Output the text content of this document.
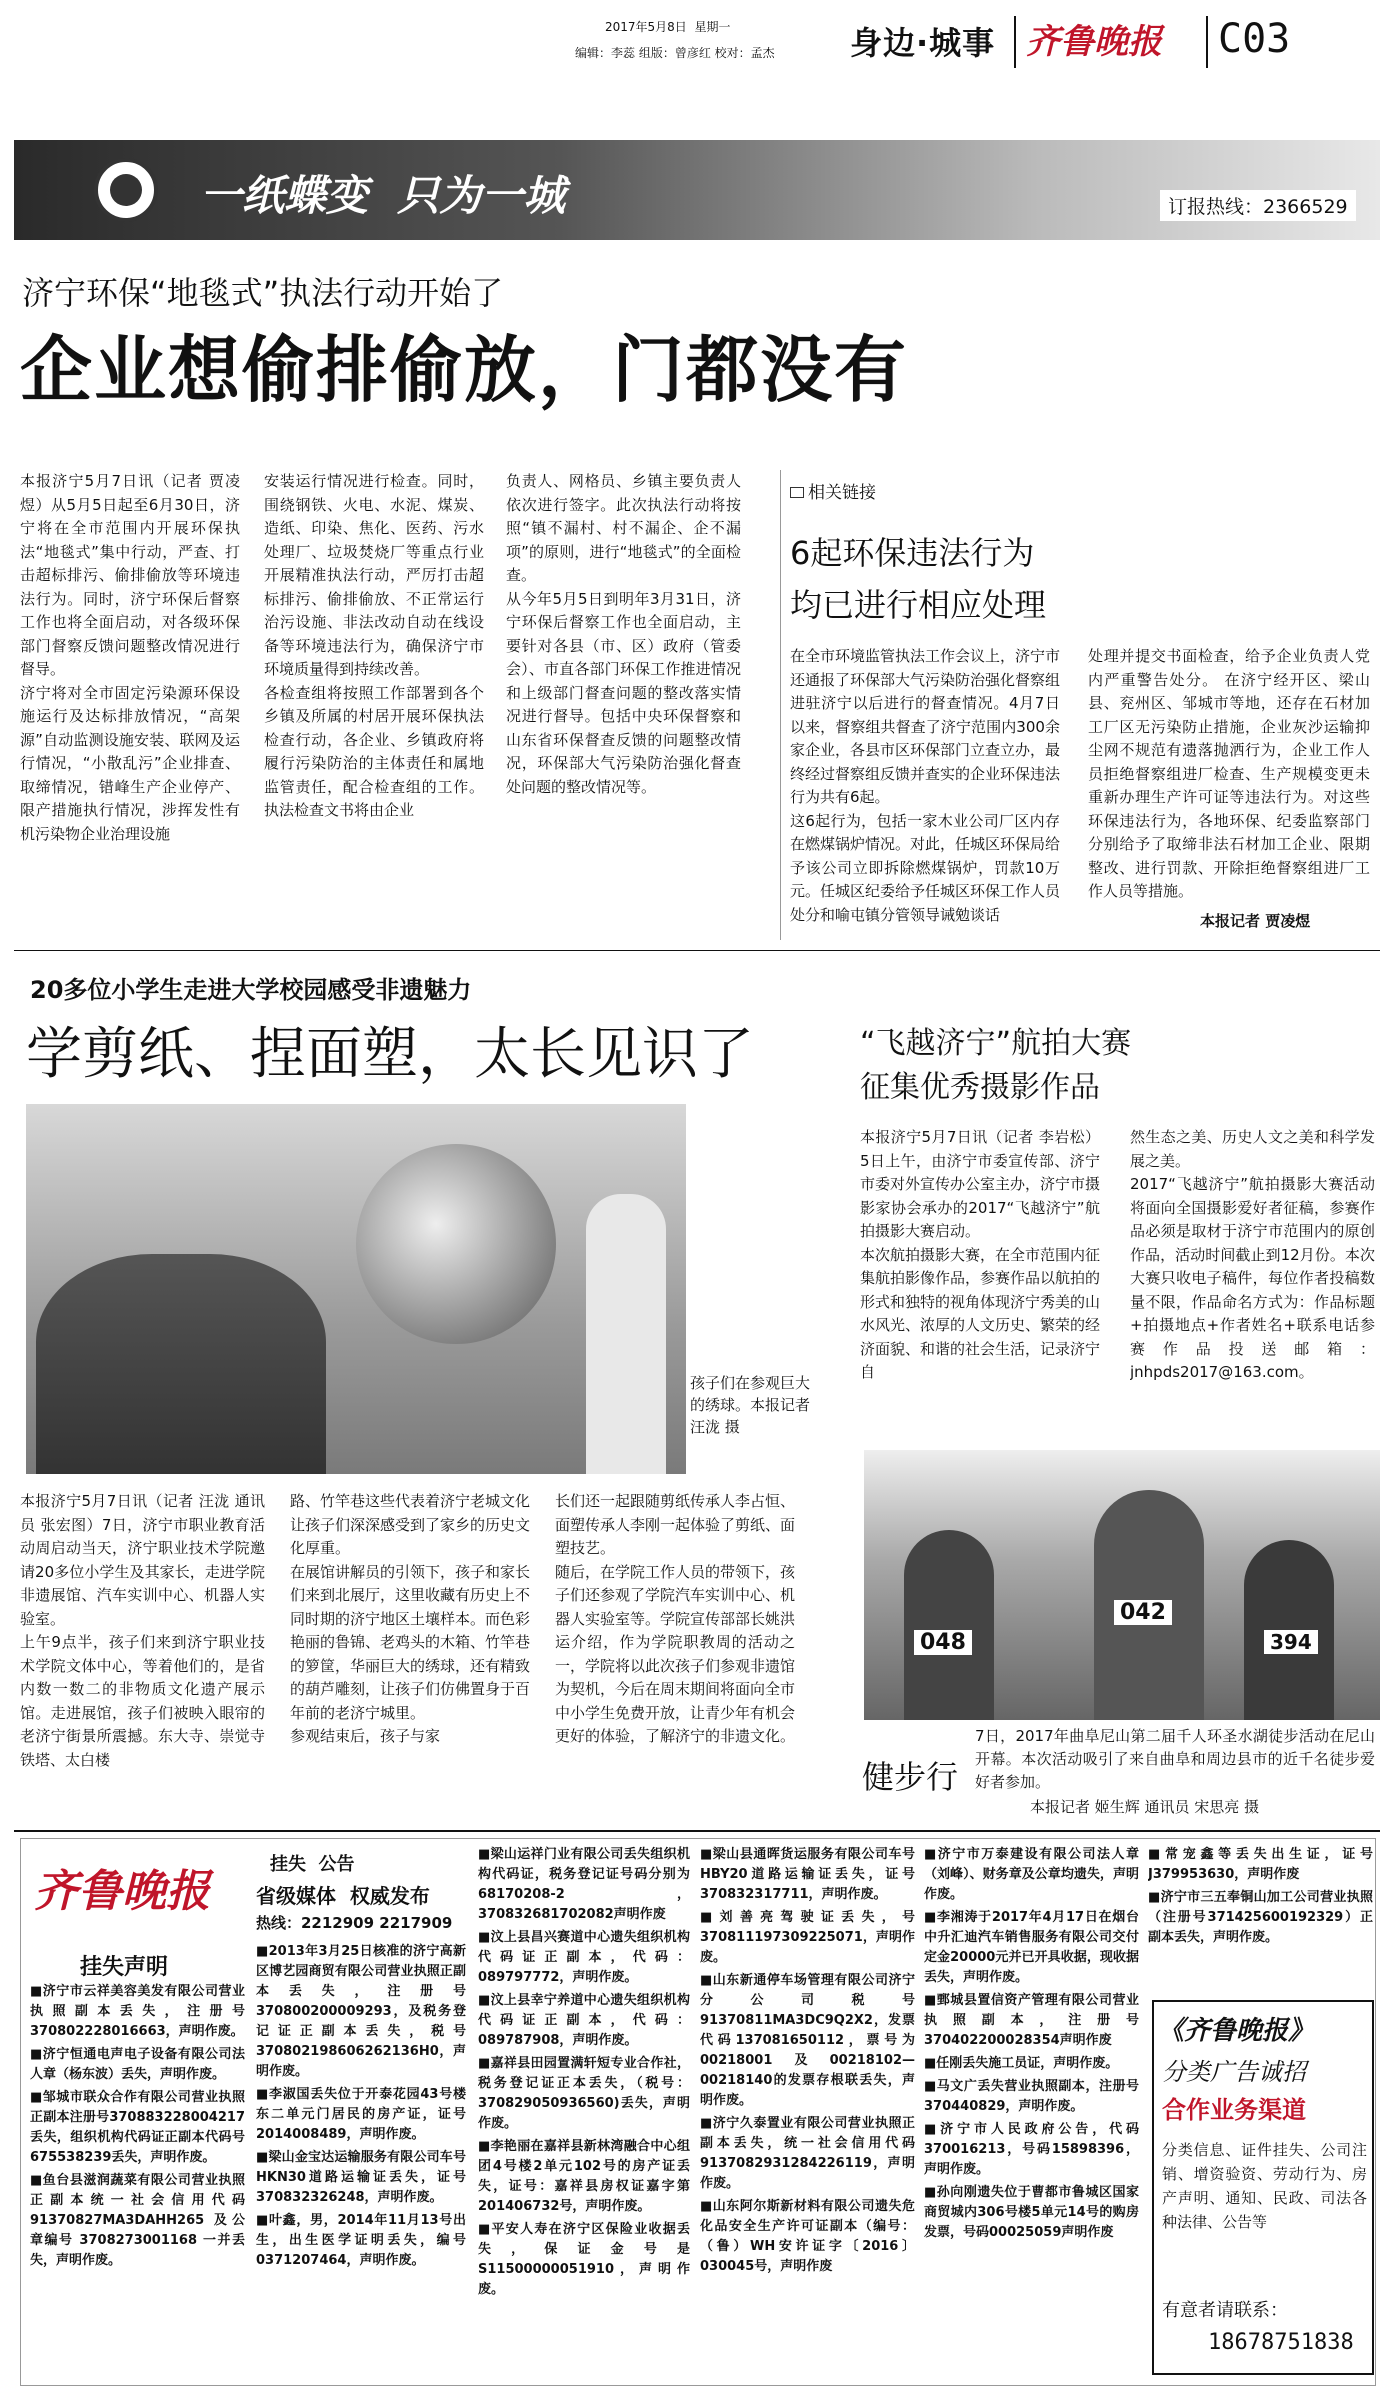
2017年5月8日 星期一
编辑：李蕊 组版：曾彦红 校对：孟杰 身边·城事 齐鲁晚报 C03
一纸蝶变  只为一城	订报热线：2366529
济宁环保“地毯式”执法行动开始了
企业想偷排偷放，门都没有
本报济宁5月7日讯（记者 贾凌煜）从5月5日起至6月30日，济宁将在全市范围内开展环保执法“地毯式”集中行动，严查、打击超标排污、偷排偷放等环境违法行为。同时，济宁环保后督察工作也将全面启动，对各级环保部门督察反馈问题整改情况进行督导。
济宁将对全市固定污染源环保设施运行及达标排放情况，“高架源”自动监测设施安装、联网及运行情况，“小散乱污”企业排查、取缔情况，错峰生产企业停产、限产措施执行情况，涉挥发性有机污染物企业治理设施
安装运行情况进行检查。同时，围绕钢铁、火电、水泥、煤炭、造纸、印染、焦化、医药、污水处理厂、垃圾焚烧厂等重点行业开展精准执法行动，严厉打击超标排污、偷排偷放、不正常运行治污设施、非法改动自动在线设备等环境违法行为，确保济宁市环境质量得到持续改善。
各检查组将按照工作部署到各个乡镇及所属的村居开展环保执法检查行动，各企业、乡镇政府将履行污染防治的主体责任和属地监管责任，配合检查组的工作。执法检查文书将由企业
负责人、网格员、乡镇主要负责人依次进行签字。此次执法行动将按照“镇不漏村、村不漏企、企不漏项”的原则，进行“地毯式”的全面检查。
从今年5月5日到明年3月31日，济宁环保后督察工作也全面启动，主要针对各县（市、区）政府（管委会）、市直各部门环保工作推进情况和上级部门督查问题的整改落实情况进行督导。包括中央环保督察和山东省环保督查反馈的问题整改情况，环保部大气污染防治强化督查处问题的整改情况等。
相关链接
6起环保违法行为
均已进行相应处理
在全市环境监管执法工作会议上，济宁市还通报了环保部大气污染防治强化督察组进驻济宁以后进行的督查情况。4月7日以来，督察组共督查了济宁范围内300余家企业，各县市区环保部门立查立办，最终经过督察组反馈并查实的企业环保违法行为共有6起。
这6起行为，包括一家木业公司厂区内存在燃煤锅炉情况。对此，任城区环保局给予该公司立即拆除燃煤锅炉，罚款10万元。任城区纪委给予任城区环保工作人员处分和喻屯镇分管领导诫勉谈话
处理并提交书面检查，给予企业负责人党内严重警告处分。 在济宁经开区、梁山县、兖州区、邹城市等地，还存在石材加工厂区无污染防止措施，企业灰沙运输抑尘网不规范有遗落抛洒行为，企业工作人员拒绝督察组进厂检查、生产规模变更未重新办理生产许可证等违法行为。对这些环保违法行为，各地环保、纪委监察部门分别给予了取缔非法石材加工企业、限期整改、进行罚款、开除拒绝督察组进厂工作人员等措施。
本报记者 贾凌煜
20多位小学生走进大学校园感受非遗魅力
学剪纸、捏面塑，太长见识了
孩子们在参观巨大的绣球。本报记者 汪泷 摄
本报济宁5月7日讯（记者 汪泷 通讯员 张宏图）7日，济宁市职业教育活动周启动当天，济宁职业技术学院邀请20多位小学生及其家长，走进学院非遗展馆、汽车实训中心、机器人实验室。
上午9点半，孩子们来到济宁职业技术学院文体中心，等着他们的，是省内数一数二的非物质文化遗产展示馆。走进展馆，孩子们被映入眼帘的老济宁街景所震撼。东大寺、崇觉寺铁塔、太白楼
路、竹竿巷这些代表着济宁老城文化让孩子们深深感受到了家乡的历史文化厚重。
在展馆讲解员的引领下，孩子和家长们来到北展厅，这里收藏有历史上不同时期的济宁地区土壤样本。而色彩艳丽的鲁锦、老鸡头的木箱、竹竿巷的箩筐，华丽巨大的绣球，还有精致的葫芦雕刻，让孩子们仿佛置身于百年前的老济宁城里。
参观结束后，孩子与家
长们还一起跟随剪纸传承人李占恒、面塑传承人李刚一起体验了剪纸、面塑技艺。
随后，在学院工作人员的带领下，孩子们还参观了学院汽车实训中心、机器人实验室等。学院宣传部部长姚洪运介绍，作为学院职教周的活动之一，学院将以此次孩子们参观非遗馆为契机，今后在周末期间将面向全市中小学生免费开放，让青少年有机会更好的体验，了解济宁的非遗文化。
“飞越济宁”航拍大赛
征集优秀摄影作品
本报济宁5月7日讯（记者 李岩松）5日上午，由济宁市委宣传部、济宁市委对外宣传办公室主办，济宁市摄影家协会承办的2017“飞越济宁”航拍摄影大赛启动。
本次航拍摄影大赛，在全市范围内征集航拍影像作品，参赛作品以航拍的形式和独特的视角体现济宁秀美的山水风光、浓厚的人文历史、繁荣的经济面貌、和谐的社会生活，记录济宁自
然生态之美、历史人文之美和科学发展之美。
2017“飞越济宁”航拍摄影大赛活动将面向全国摄影爱好者征稿，参赛作品必须是取材于济宁市范围内的原创作品，活动时间截止到12月份。本次大赛只收电子稿件，每位作者投稿数量不限，作品命名方式为：作品标题+拍摄地点+作者姓名+联系电话参赛作品投送邮箱：jnhpds2017@163.com。
048
042
394
健步行
7日，2017年曲阜尼山第二届千人环圣水湖徒步活动在尼山开幕。本次活动吸引了来自曲阜和周边县市的近千名徒步爱好者参加。
本报记者 姬生辉 通讯员 宋思亮 摄
齐鲁晚报
挂失  公告
省级媒体  权威发布
热线：2212909 2217909
挂失声明
■济宁市云祥美容美发有限公司营业执照副本丢失，注册号370802228016663，声明作废。
■济宁恒通电声电子设备有限公司法人章（杨东波）丢失，声明作废。
■邹城市联众合作有限公司营业执照正副本注册号370883228004217丢失，组织机构代码证正副本代码号675538239丢失，声明作废。
■鱼台县滋润蔬菜有限公司营业执照正副本统一社会信用代码 91370827MA3DAHH265 及公章编号 3708273001168 一并丢失，声明作废。
■2013年3月25日核准的济宁高新区博艺园商贸有限公司营业执照正副本丢失，注册号370800200009293，及税务登记证正副本丢失，税号370802198606262136H0，声明作废。
■李淑国丢失位于开泰花园43号楼东二单元门居民的房产证，证号2014008489，声明作废。
■梁山金宝达运输服务有限公司车号HKN30道路运输证丢失，证号370832326248，声明作废。
■叶鑫，男，2014年11月13号出生，出生医学证明丢失，编号0371207464，声明作废。
■梁山运祥门业有限公司丢失组织机构代码证，税务登记证号码分别为68170208-2，370832681702082声明作废
■汶上县昌兴赛道中心遗失组织机构代码证正副本，代码：089797772，声明作废。
■汶上县幸宁养道中心遗失组织机构代码证正副本，代码：089787908，声明作废。
■嘉祥县田园置满轩短专业合作社，税务登记证正本丢失，（税号：370829050936560)丢失，声明作废。
■李艳丽在嘉祥县新林湾融合中心组团4号楼2单元102号的房产证丢失，证号：嘉祥县房权证嘉字第201406732号，声明作废。
■平安人寿在济宁区保险业收据丢失，保证金号是S11500000051910，声明作废。
■梁山县通晖货运服务有限公司车号HBY20道路运输证丢失，证号370832317711，声明作废。
■刘善亮驾驶证丢失，号370811197309225071，声明作废。
■山东新通停车场管理有限公司济宁分公司税号91370811MA3DC9Q2X2，发票代码137081650112，票号为00218001及00218102—00218140的发票存根联丢失，声明作废。
■济宁久泰置业有限公司营业执照正副本丢失，统一社会信用代码9137082931284226119，声明作废。
■山东阿尔斯新材料有限公司遗失危化品安全生产许可证副本（编号：（鲁）WH安许证字〔2016〕030045号，声明作废
■济宁市万泰建设有限公司法人章（刘峰）、财务章及公章均遗失，声明作废。
■李湘涛于2017年4月17日在烟台中升汇迪汽车销售服务有限公司交付定金20000元并已开具收据，现收据丢失，声明作废。
■鄄城县置信资产管理有限公司营业执照副本，注册号370402200028354声明作废
■任刚丢失施工员证，声明作废。
■马文广丢失营业执照副本，注册号370440829，声明作废。
■济宁市人民政府公告，代码370016213，号码15898396，声明作废。
■孙向刚遗失位于曹都市鲁城区国家商贸城内306号楼5单元14号的购房发票，号码00025059声明作废
■常宠鑫等丢失出生证，证号J379953630，声明作废
■济宁市三五奉铜山加工公司营业执照（注册号371425600192329）正副本丢失，声明作废。
《齐鲁晚报》
分类广告诚招
合作业务渠道
分类信息、证件挂失、公司注销、增资验资、劳动行为、房产声明、通知、民政、司法各种法律、公告等
有意者请联系：
18678751838
